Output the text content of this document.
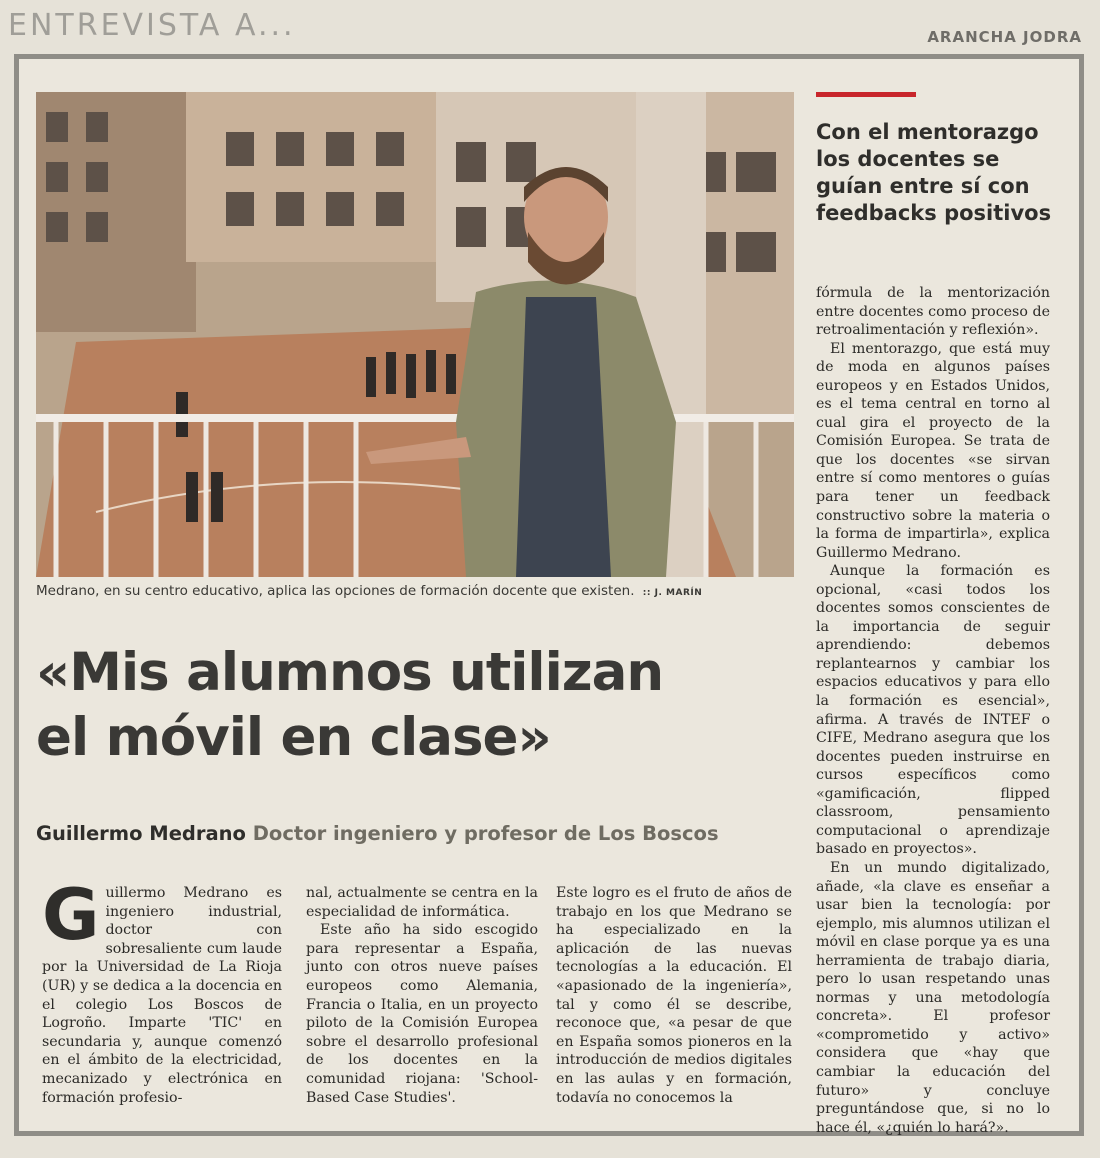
ENTREVISTA A...	ARANCHA JODRA
Medrano, en su centro educativo, aplica las opciones de formación docente que existen. :: J. MARÍN
«Mis alumnos utilizan
el móvil en clase»
Guillermo Medrano Doctor ingeniero y profesor de Los Boscos
G uillermo Medrano es ingeniero industrial, doctor con sobresaliente cum laude por la Universidad de La Rioja (UR) y se dedica a la docencia en el colegio Los Boscos de Logroño. Imparte 'TIC' en secundaria y, aunque comenzó en el ámbito de la electricidad, mecanizado y electrónica en formación profesio-

nal, actualmente se centra en la especialidad de informática.

Este año ha sido escogido para representar a España, junto con otros nueve países europeos como Alemania, Francia o Italia, en un proyecto piloto de la Comisión Europea sobre el desarrollo profesional de los docentes en la comunidad riojana: 'School-Based Case Studies'.

Este logro es el fruto de años de trabajo en los que Medrano se ha especializado en la aplicación de las nuevas tecnologías a la educación. El «apasionado de la ingeniería», tal y como él se describe, reconoce que, «a pesar de que en España somos pioneros en la introducción de medios digitales en las aulas y en formación, todavía no conocemos la

Con el mentorazgo los docentes se guían entre sí con feedbacks positivos

fórmula de la mentorización entre docentes como proceso de retroalimentación y reflexión».

El mentorazgo, que está muy de moda en algunos países europeos y en Estados Unidos, es el tema central en torno al cual gira el proyecto de la Comisión Europea. Se trata de que los docentes «se sirvan entre sí como mentores o guías para tener un feedback constructivo sobre la materia o la forma de impartirla», explica Guillermo Medrano.

Aunque la formación es opcional, «casi todos los docentes somos conscientes de la importancia de seguir aprendiendo: debemos replantearnos y cambiar los espacios educativos y para ello la formación es esencial», afirma. A través de INTEF o CIFE, Medrano asegura que los docentes pueden instruirse en cursos específicos como «gamificación, flipped classroom, pensamiento computacional o aprendizaje basado en proyectos».

En un mundo digitalizado, añade, «la clave es enseñar a usar bien la tecnología: por ejemplo, mis alumnos utilizan el móvil en clase porque ya es una herramienta de trabajo diaria, pero lo usan respetando unas normas y una metodología concreta». El profesor «comprometido y activo» considera que «hay que cambiar la educación del futuro» y concluye preguntándose que, si no lo hace él, «¿quién lo hará?».
